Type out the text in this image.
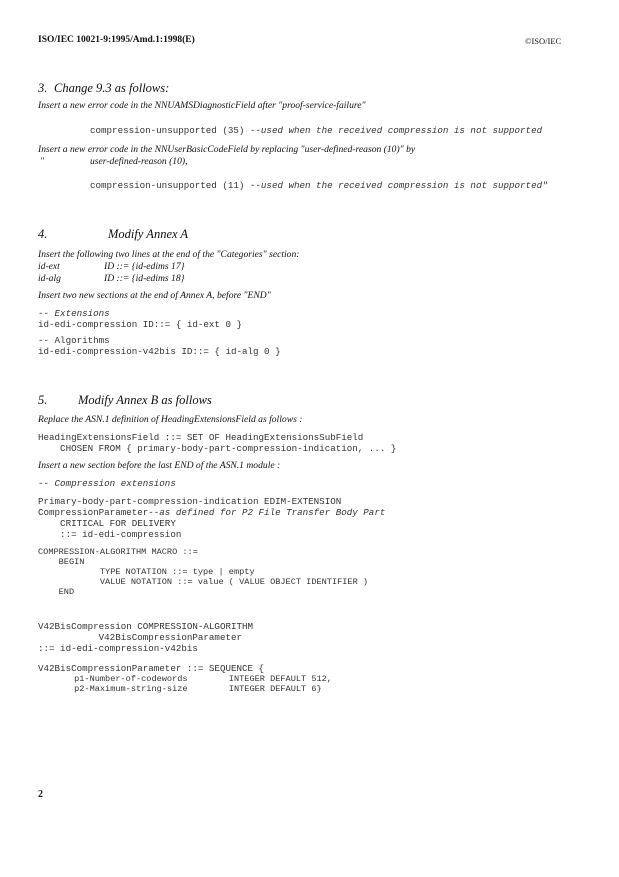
ISO/IEC 10021-9:1995/Amd.1:1998(E)	©ISO/IEC
3. Change 9.3 as follows:
Insert a new error code in the NNUAMSDiagnosticField after "proof-service-failure"
compression-unsupported (35) --used when the received compression is not supported
Insert a new error code in the NNUserBasicCodeField by replacing "user-defined-reason (10)" by
"	user-defined-reason (10),
compression-unsupported (11) --used when the received compression is not supported"
4.	Modify Annex A
Insert the following two lines at the end of the "Categories" section:
id-ext	ID ::= {id-edims 17}
id-alg	ID ::= {id-edims 18}
Insert two new sections at the end of Annex A, before "END"
-- Extensions
id-edi-compression ID::= { id-ext 0 }
-- Algorithms
id-edi-compression-v42bis ID::= { id-alg 0 }
5. Modify Annex B as follows
Replace the ASN.1 definition of HeadingExtensionsField as follows :
HeadingExtensionsField ::= SET OF HeadingExtensionsSubField
CHOSEN FROM { primary-body-part-compression-indication, ... }
Insert a new section before the last END of the ASN.1 module :
-- Compression extensions
Primary-body-part-compression-indication EDIM-EXTENSION
CompressionParameter--as defined for P2 File Transfer Body Part
CRITICAL FOR DELIVERY
::= id-edi-compression
COMPRESSION-ALGORITHM MACRO ::=
BEGIN
TYPE NOTATION ::= type | empty
VALUE NOTATION ::= value ( VALUE OBJECT IDENTIFIER )
END
V42BisCompression COMPRESSION-ALGORITHM
V42BisCompressionParameter
::= id-edi-compression-v42bis
V42BisCompressionParameter ::= SEQUENCE {
p1-Number-of-codewords        INTEGER DEFAULT 512,
p2-Maximum-string-size        INTEGER DEFAULT 6}
2
